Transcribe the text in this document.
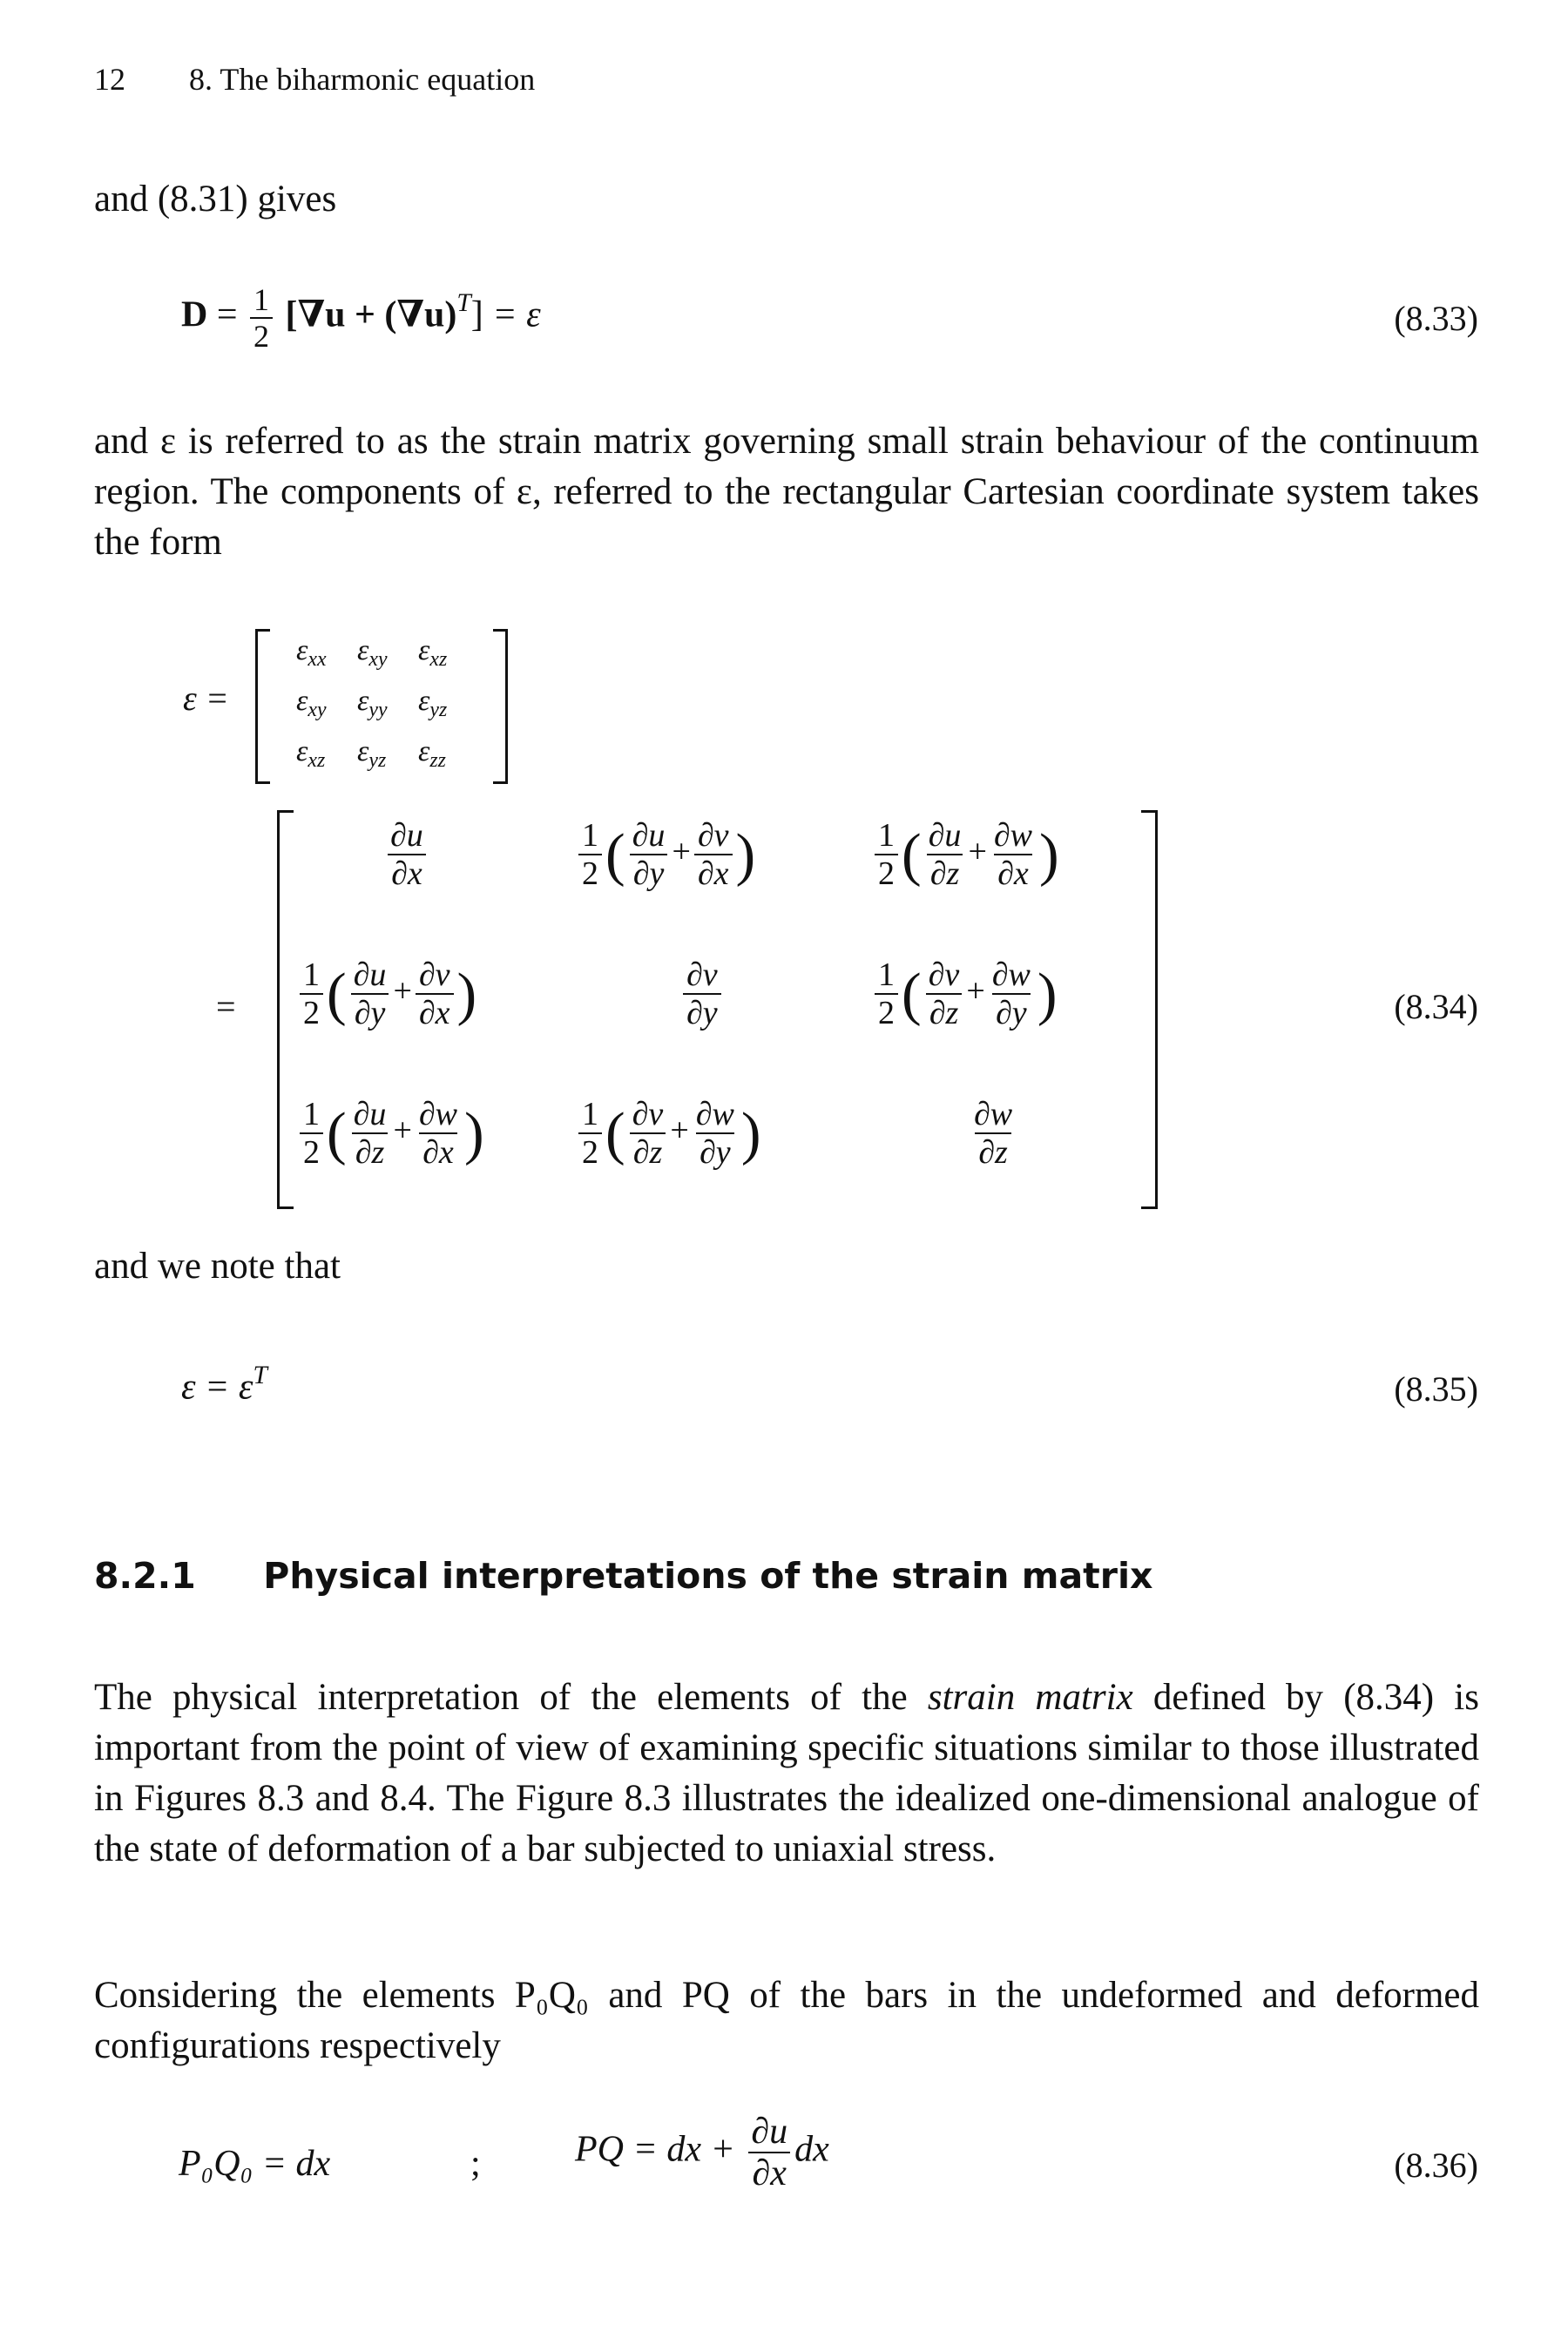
12 8. The biharmonic equation
and (8.31) gives
$D = \frac{1}{2} [\nabla u + (\nabla u)^T] = \varepsilon$	(8.33)
and ε is referred to as the strain matrix governing small strain behaviour of the continuum region. The components of ε, referred to the rectangular Cartesian coordinate system takes the form
ε =
$\varepsilon_{xx}$ $\varepsilon_{xy}$ $\varepsilon_{xz}$
$\varepsilon_{xy}$ $\varepsilon_{yy}$ $\varepsilon_{yz}$
$\varepsilon_{xz}$ $\varepsilon_{yz}$ $\varepsilon_{zz}$
=
$\frac{\partial u}{\partial x}$	$\frac{1}{2}$ ( $\frac{\partial u}{\partial y} + \frac{\partial v}{\partial x}$ )	$\frac{1}{2}$ ( $\frac{\partial u}{\partial z} + \frac{\partial w}{\partial x}$ )
$\frac{1}{2}$ ( $\frac{\partial u}{\partial y} + \frac{\partial v}{\partial x}$ )	$\frac{\partial v}{\partial y}$	$\frac{1}{2}$ ( $\frac{\partial v}{\partial z} + \frac{\partial w}{\partial y}$ )
$\frac{1}{2}$ ( $\frac{\partial u}{\partial z} + \frac{\partial w}{\partial x}$ )	$\frac{1}{2}$ ( $\frac{\partial v}{\partial z} + \frac{\partial w}{\partial y}$ )	$\frac{\partial w}{\partial z}$
(8.34)
and we note that
$\varepsilon = \varepsilon^T$	(8.35)
8.2.1 Physical interpretations of the strain matrix
The physical interpretation of the elements of the strain matrix defined by (8.34) is important from the point of view of examining specific situations similar to those illustrated in Figures 8.3 and 8.4. The Figure 8.3 illustrates the idealized one-dimensional analogue of the state of deformation of a bar subjected to uniaxial stress.
Considering the elements P₀Q₀ and PQ of the bars in the undeformed and deformed configurations respectively
P₀Q₀ = dx	;	PQ = dx + $\frac{\partial u}{\partial x}$ dx	(8.36)
